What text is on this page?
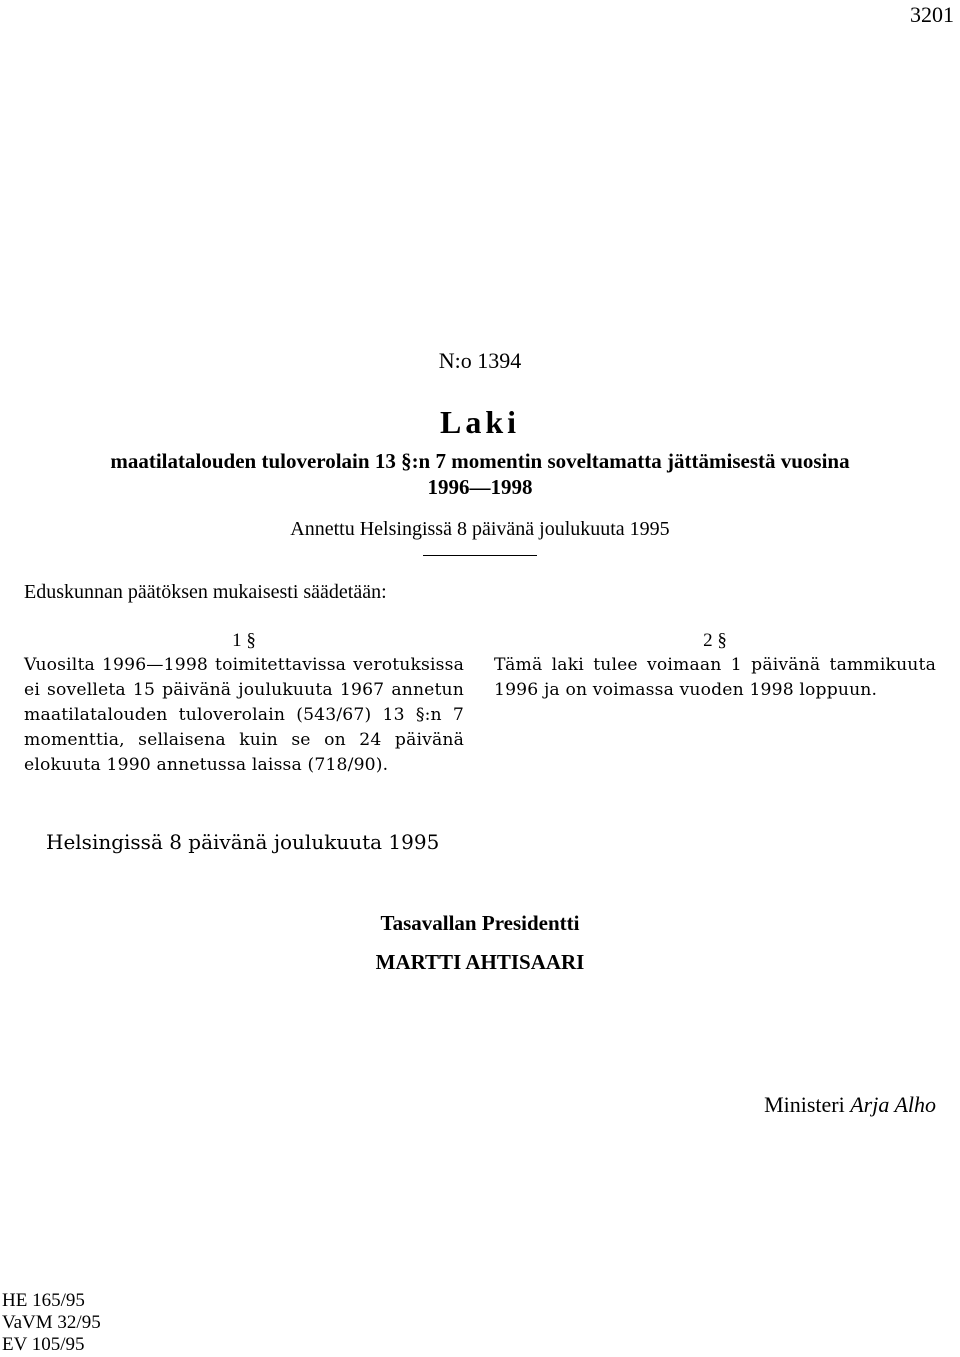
3201
N:o 1394
Laki
maatilatalouden tuloverolain 13 §:n 7 momentin soveltamatta jättämisestä vuosina
1996—1998
Annettu Helsingissä 8 päivänä joulukuuta 1995
Eduskunnan päätöksen mukaisesti säädetään:
1 §
Vuosilta 1996—1998 toimitettavissa verotuksissa ei sovelleta 15 päivänä joulukuuta 1967 annetun maatilatalouden tuloverolain (543/67) 13 §:n 7 momenttia, sellaisena kuin se on 24 päivänä elokuuta 1990 annetussa laissa (718/90).
2 §
Tämä laki tulee voimaan 1 päivänä tammikuuta 1996 ja on voimassa vuoden 1998 loppuun.
Helsingissä 8 päivänä joulukuuta 1995
Tasavallan Presidentti
MARTTI AHTISAARI
Ministeri Arja Alho
HE 165/95
VaVM 32/95
EV 105/95
